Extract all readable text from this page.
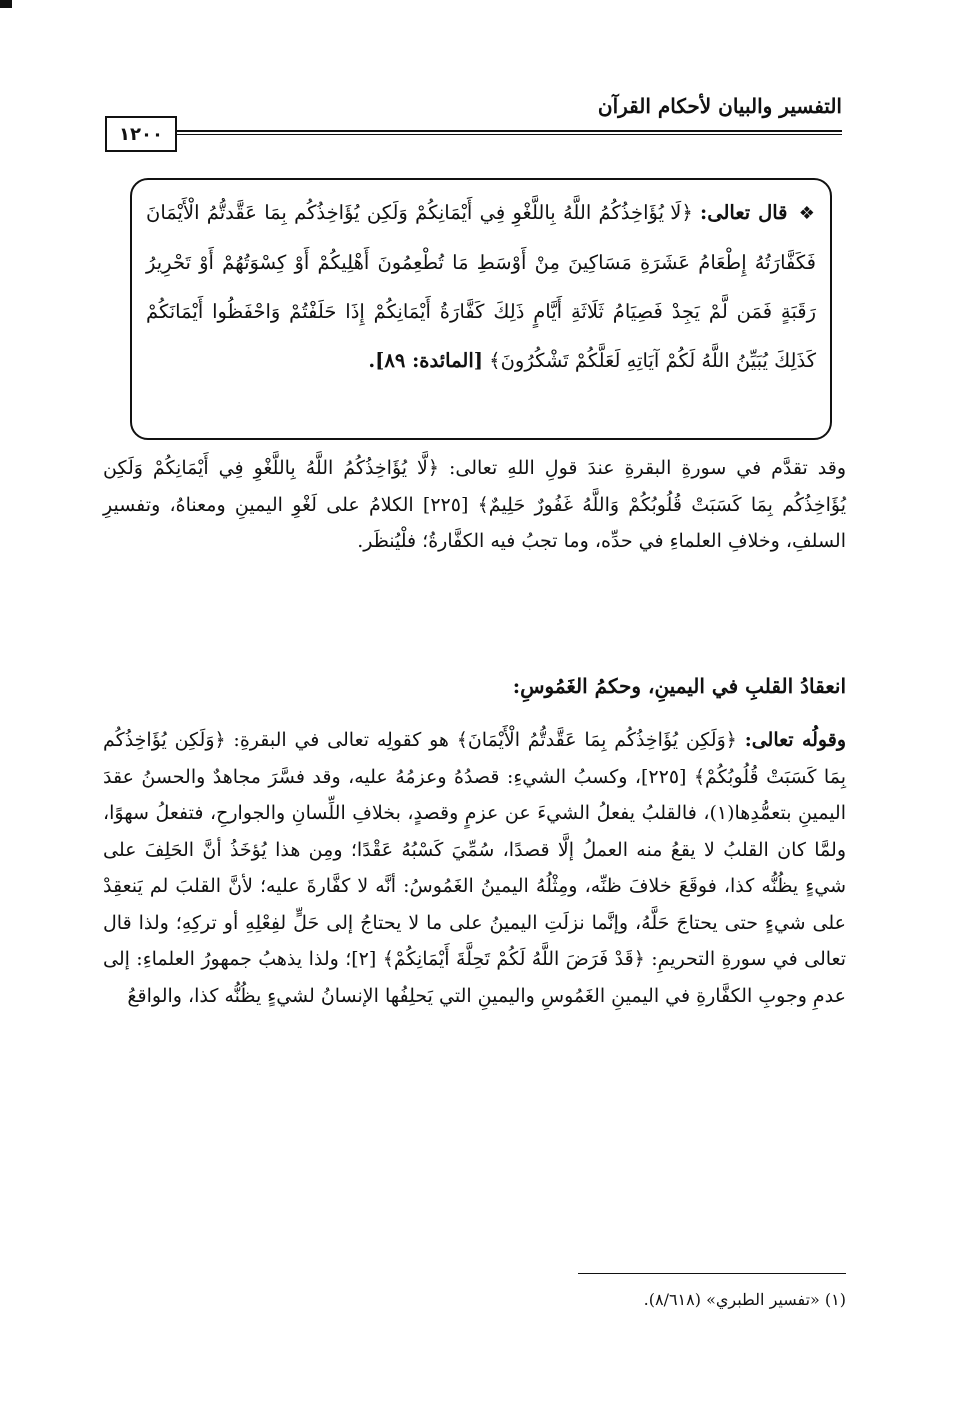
التفسير والبيان لأحكام القرآن
١٢٠٠

❖ قال تعالى: ﴿لَا يُؤَاخِذُكُمُ اللَّهُ بِاللَّغْوِ فِي أَيْمَانِكُمْ وَلَكِن يُؤَاخِذُكُم بِمَا عَقَّدتُّمُ الْأَيْمَانَ فَكَفَّارَتُهُ إِطْعَامُ عَشَرَةِ مَسَاكِينَ مِنْ أَوْسَطِ مَا تُطْعِمُونَ أَهْلِيكُمْ أَوْ كِسْوَتُهُمْ أَوْ تَحْرِيرُ رَقَبَةٍ فَمَن لَّمْ يَجِدْ فَصِيَامُ ثَلَاثَةِ أَيَّامٍ ذَلِكَ كَفَّارَةُ أَيْمَانِكُمْ إِذَا حَلَفْتُمْ وَاحْفَظُوا أَيْمَانَكُمْ كَذَلِكَ يُبَيِّنُ اللَّهُ لَكُمْ آيَاتِهِ لَعَلَّكُمْ تَشْكُرُونَ﴾ [المائدة: ٨٩].

وقد تقدَّم في سورةِ البقرةِ عندَ قولِ اللهِ تعالى: ﴿لَّا يُؤَاخِذُكُمُ اللَّهُ بِاللَّغْوِ فِي أَيْمَانِكُمْ وَلَكِن يُؤَاخِذُكُم بِمَا كَسَبَتْ قُلُوبُكُمْ وَاللَّهُ غَفُورٌ حَلِيمٌ﴾ [٢٢٥] الكلامُ على لَغْوِ اليمينِ ومعناهُ، وتفسيرِ السلفِ، وخلافِ العلماءِ في حدِّه، وما تجبُ فيه الكفَّارةُ؛ فلْيُنظَر.

انعقادُ القلبِ في اليمينِ، وحكمُ الغَمُوسِ:

وقولُه تعالى: ﴿وَلَكِن يُؤَاخِذُكُم بِمَا عَقَّدتُّمُ الْأَيْمَانَ﴾ هو كقولِه تعالى في البقرةِ: ﴿وَلَكِن يُؤَاخِذُكُم بِمَا كَسَبَتْ قُلُوبُكُمْ﴾ [٢٢٥]، وكسبُ الشيءِ: قصدُهُ وعزمُهُ عليه، وقد فسَّرَ مجاهدٌ والحسنُ عقدَ اليمينِ بتعمُّدِها(١)، فالقلبُ يفعلُ الشيءَ عن عزمٍ وقصدٍ، بخلافِ اللِّسانِ والجوارحِ، فتفعلُ سهوًا، ولمَّا كان القلبُ لا يقعُ منه العملُ إلَّا قصدًا، سُمِّيَ كَسْبُهُ عَقْدًا؛ ومِن هذا يُؤخَذُ أنَّ الحَلِفَ على شيءٍ يظُنُّه كذا، فوقَعَ خلافَ ظنِّه، ومِثْلُهُ اليمينُ الغَمُوسُ: أنَّه لا كفَّارةَ عليه؛ لأنَّ القلبَ لم يَنعقِدْ على شيءٍ حتى يحتاجَ حَلَّهُ، وإنَّما نزلَتِ اليمينُ على ما لا يحتاجُ إلى حَلٍّ لفِعْلِهِ أو تركِهِ؛ ولذا قال تعالى في سورةِ التحريمِ: ﴿قَدْ فَرَضَ اللَّهُ لَكُمْ تَحِلَّةَ أَيْمَانِكُمْ﴾ [٢]؛ ولذا يذهبُ جمهورُ العلماءِ: إلى عدمِ وجوبِ الكفَّارةِ في اليمينِ الغَمُوسِ واليمينِ التي يَحلِفُها الإنسانُ لشيءٍ يظُنُّه كذا، والواقعُ

(١) «تفسير الطبري» (٨/٦١٨).
